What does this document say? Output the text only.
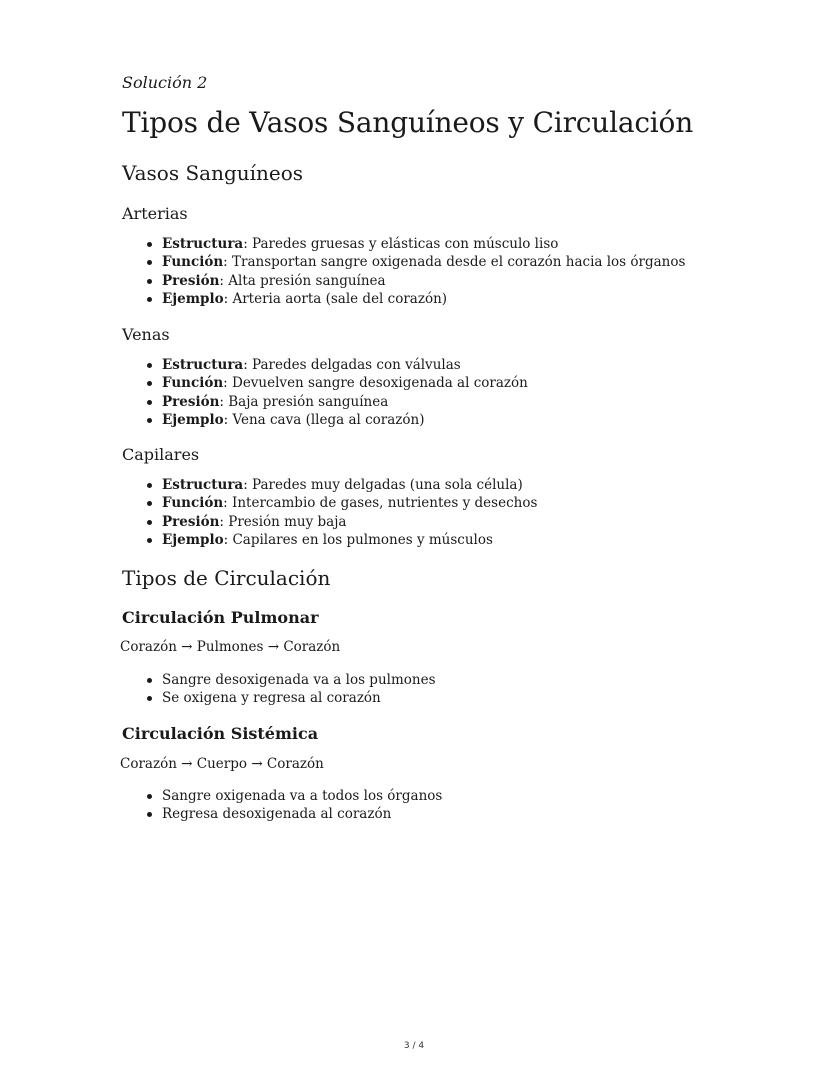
Solución 2

Tipos de Vasos Sanguíneos y Circulación
Vasos Sanguíneos
Arterias
Estructura: Paredes gruesas y elásticas con músculo liso
Función: Transportan sangre oxigenada desde el corazón hacia los órganos
Presión: Alta presión sanguínea
Ejemplo: Arteria aorta (sale del corazón)
Venas
Estructura: Paredes delgadas con válvulas
Función: Devuelven sangre desoxigenada al corazón
Presión: Baja presión sanguínea
Ejemplo: Vena cava (llega al corazón)
Capilares
Estructura: Paredes muy delgadas (una sola célula)
Función: Intercambio de gases, nutrientes y desechos
Presión: Presión muy baja
Ejemplo: Capilares en los pulmones y músculos
Tipos de Circulación
Circulación Pulmonar

Corazón → Pulmones → Corazón

Sangre desoxigenada va a los pulmones
Se oxigena y regresa al corazón
Circulación Sistémica

Corazón → Cuerpo → Corazón

Sangre oxigenada va a todos los órganos
Regresa desoxigenada al corazón
3 / 4
